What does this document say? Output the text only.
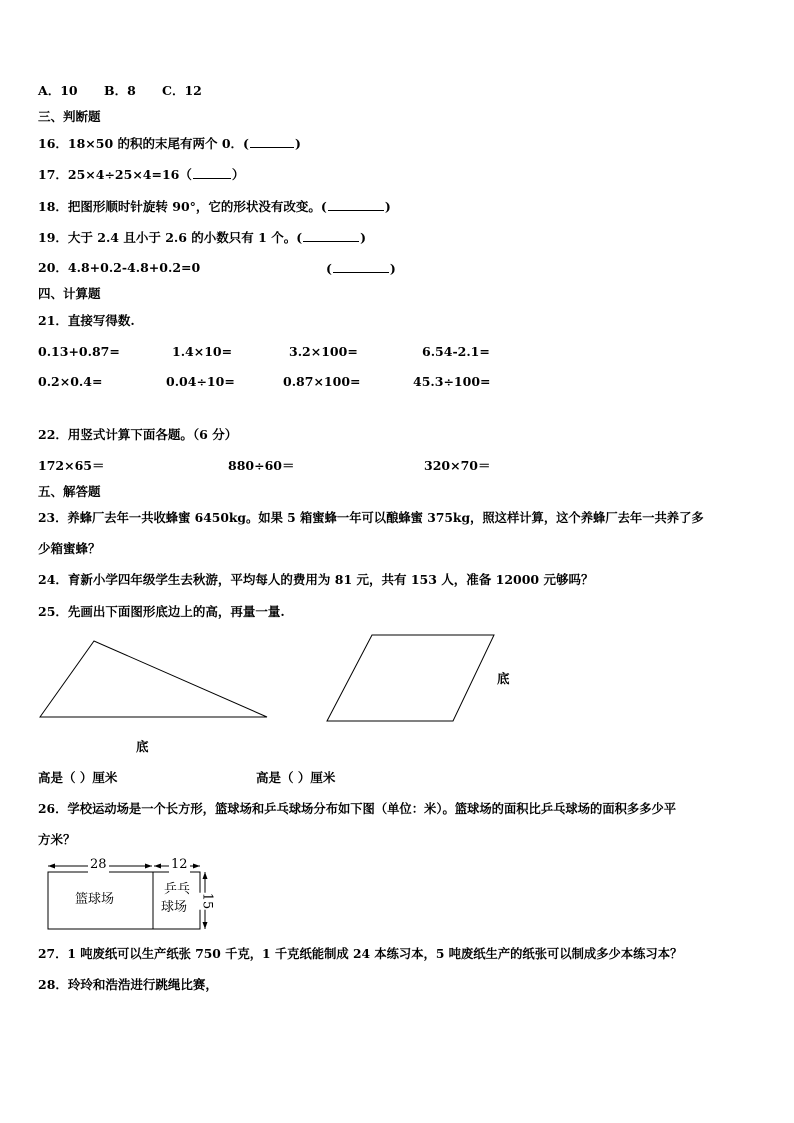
A．10 B．8 C．12
三、判断题
16．18×50 的积的末尾有两个 0．(	)
17．25×4÷25×4=16（	）
18．把图形顺时针旋转 90°，它的形状没有改变。(	)
19．大于 2.4 且小于 2.6 的小数只有 1 个。(	)
20．4.8+0.2-4.8+0.2=0	(	)
四、计算题
21．直接写得数.
0.13+0.87=	1.4×10=	3.2×100=	6.54-2.1=
0.2×0.4=	0.04÷10=	0.87×100=	45.3÷100=
22．用竖式计算下面各题。（6 分）
172×65＝	880÷60＝	320×70＝
五、解答题
23．养蜂厂去年一共收蜂蜜 6450kg。如果 5 箱蜜蜂一年可以酿蜂蜜 375kg，照这样计算，这个养蜂厂去年一共养了多
少箱蜜蜂？
24．育新小学四年级学生去秋游，平均每人的费用为 81 元，共有 153 人，准备 12000 元够吗？
25．先画出下面图形底边上的高，再量一量.
底
底
高是（ ）厘米	高是（ ）厘米
26．学校运动场是一个长方形，篮球场和乒乓球场分布如下图（单位：米）。篮球场的面积比乒乓球场的面积多多少平
方米？
28	12
篮球场
乒乓
球场 15
27．1 吨废纸可以生产纸张 750 千克，1 千克纸能制成 24 本练习本，5 吨废纸生产的纸张可以制成多少本练习本？
28．玲玲和浩浩进行跳绳比赛，
